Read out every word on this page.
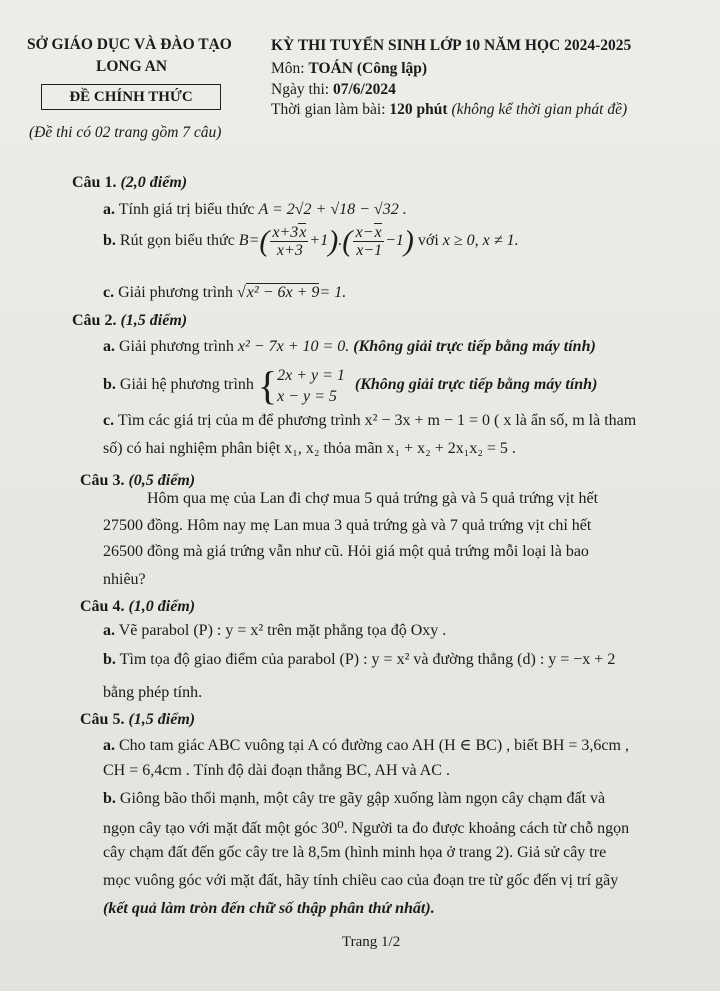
SỞ GIÁO DỤC VÀ ĐÀO TẠO
LONG AN
ĐỀ CHÍNH THỨC
KỲ THI TUYỂN SINH LỚP 10 NĂM HỌC 2024-2025
Môn: TOÁN (Công lập)
Ngày thi: 07/6/2024
Thời gian làm bài: 120 phút (không kể thời gian phát đề)
(Đề thi có 02 trang gồm 7 câu)
Câu 1. (2,0 điểm)
a. Tính giá trị biểu thức A = 2√2 + √18 − √32 .
b. Rút gọn biểu thức $B=( \frac{x+3x}{x+3} +1).( \frac{x-x}{x-1} -1)$ với x ≥ 0, x ≠ 1.
c. Giải phương trình √x² − 6x + 9= 1.
Câu 2. (1,5 điểm)
a. Giải phương trình x² − 7x + 10 = 0. (Không giải trực tiếp bằng máy tính)
b. Giải hệ phương trình { 2x + y = 1
x − y = 5
(Không giải trực tiếp bằng máy tính)
c. Tìm các giá trị của m để phương trình x² − 3x + m − 1 = 0 ( x là ẩn số, m là tham
số) có hai nghiệm phân biệt x₁, x₂ thỏa mãn x₁ + x₂ + 2x₁x₂ = 5 .
Câu 3. (0,5 điểm)
Hôm qua mẹ của Lan đi chợ mua 5 quả trứng gà và 5 quả trứng vịt hết
27500 đồng. Hôm nay mẹ Lan mua 3 quả trứng gà và 7 quả trứng vịt chỉ hết
26500 đồng mà giá trứng vẫn như cũ. Hỏi giá một quả trứng mỗi loại là bao
nhiêu?
Câu 4. (1,0 điểm)
a. Vẽ parabol (P) : y = x² trên mặt phẳng tọa độ Oxy .
b. Tìm tọa độ giao điểm của parabol (P) : y = x² và đường thẳng (d) : y = −x + 2
bằng phép tính.
Câu 5. (1,5 điểm)
a. Cho tam giác ABC vuông tại A có đường cao AH (H ∈ BC) , biết BH = 3,6cm ,
CH = 6,4cm . Tính độ dài đoạn thẳng BC, AH và AC .
b. Giông bão thổi mạnh, một cây tre gãy gập xuống làm ngọn cây chạm đất và
ngọn cây tạo với mặt đất một góc 30⁰. Người ta đo được khoảng cách từ chỗ ngọn
cây chạm đất đến gốc cây tre là 8,5m (hình minh họa ở trang 2). Giả sử cây tre
mọc vuông góc với mặt đất, hãy tính chiều cao của đoạn tre từ gốc đến vị trí gãy
(kết quả làm tròn đến chữ số thập phân thứ nhất).
Trang 1/2
